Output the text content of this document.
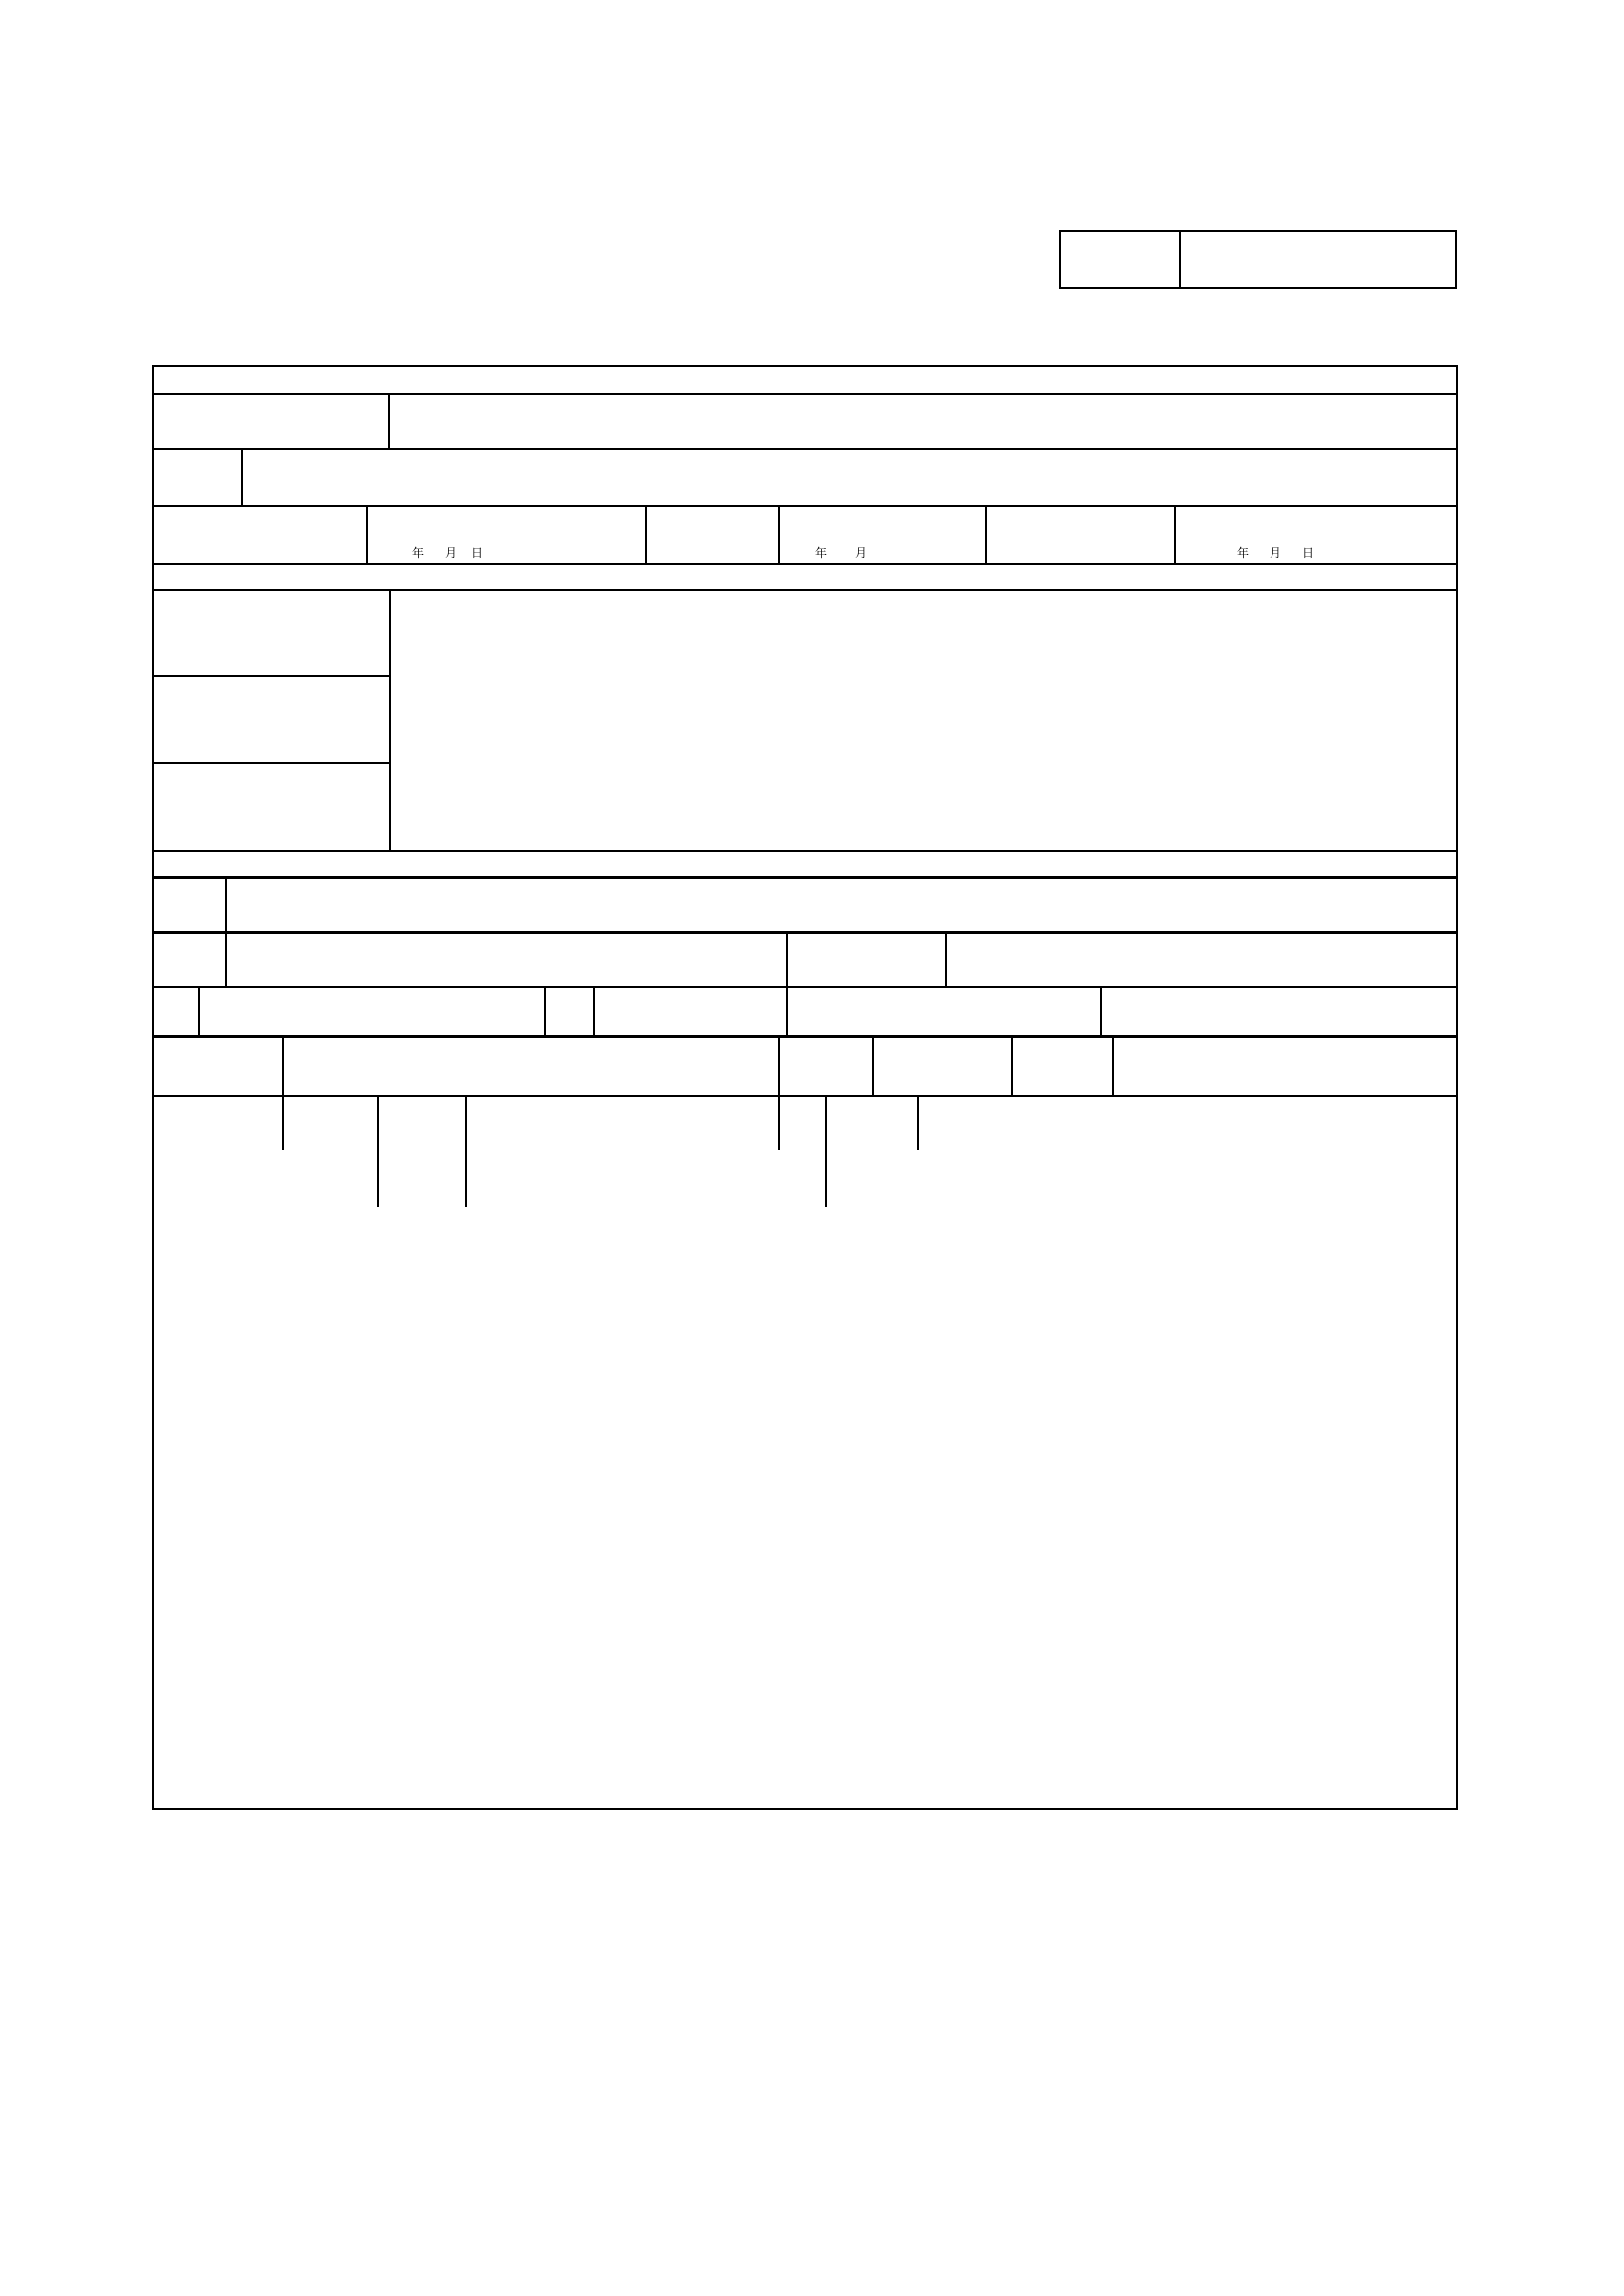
年 月 日	年 月	年 月 日
